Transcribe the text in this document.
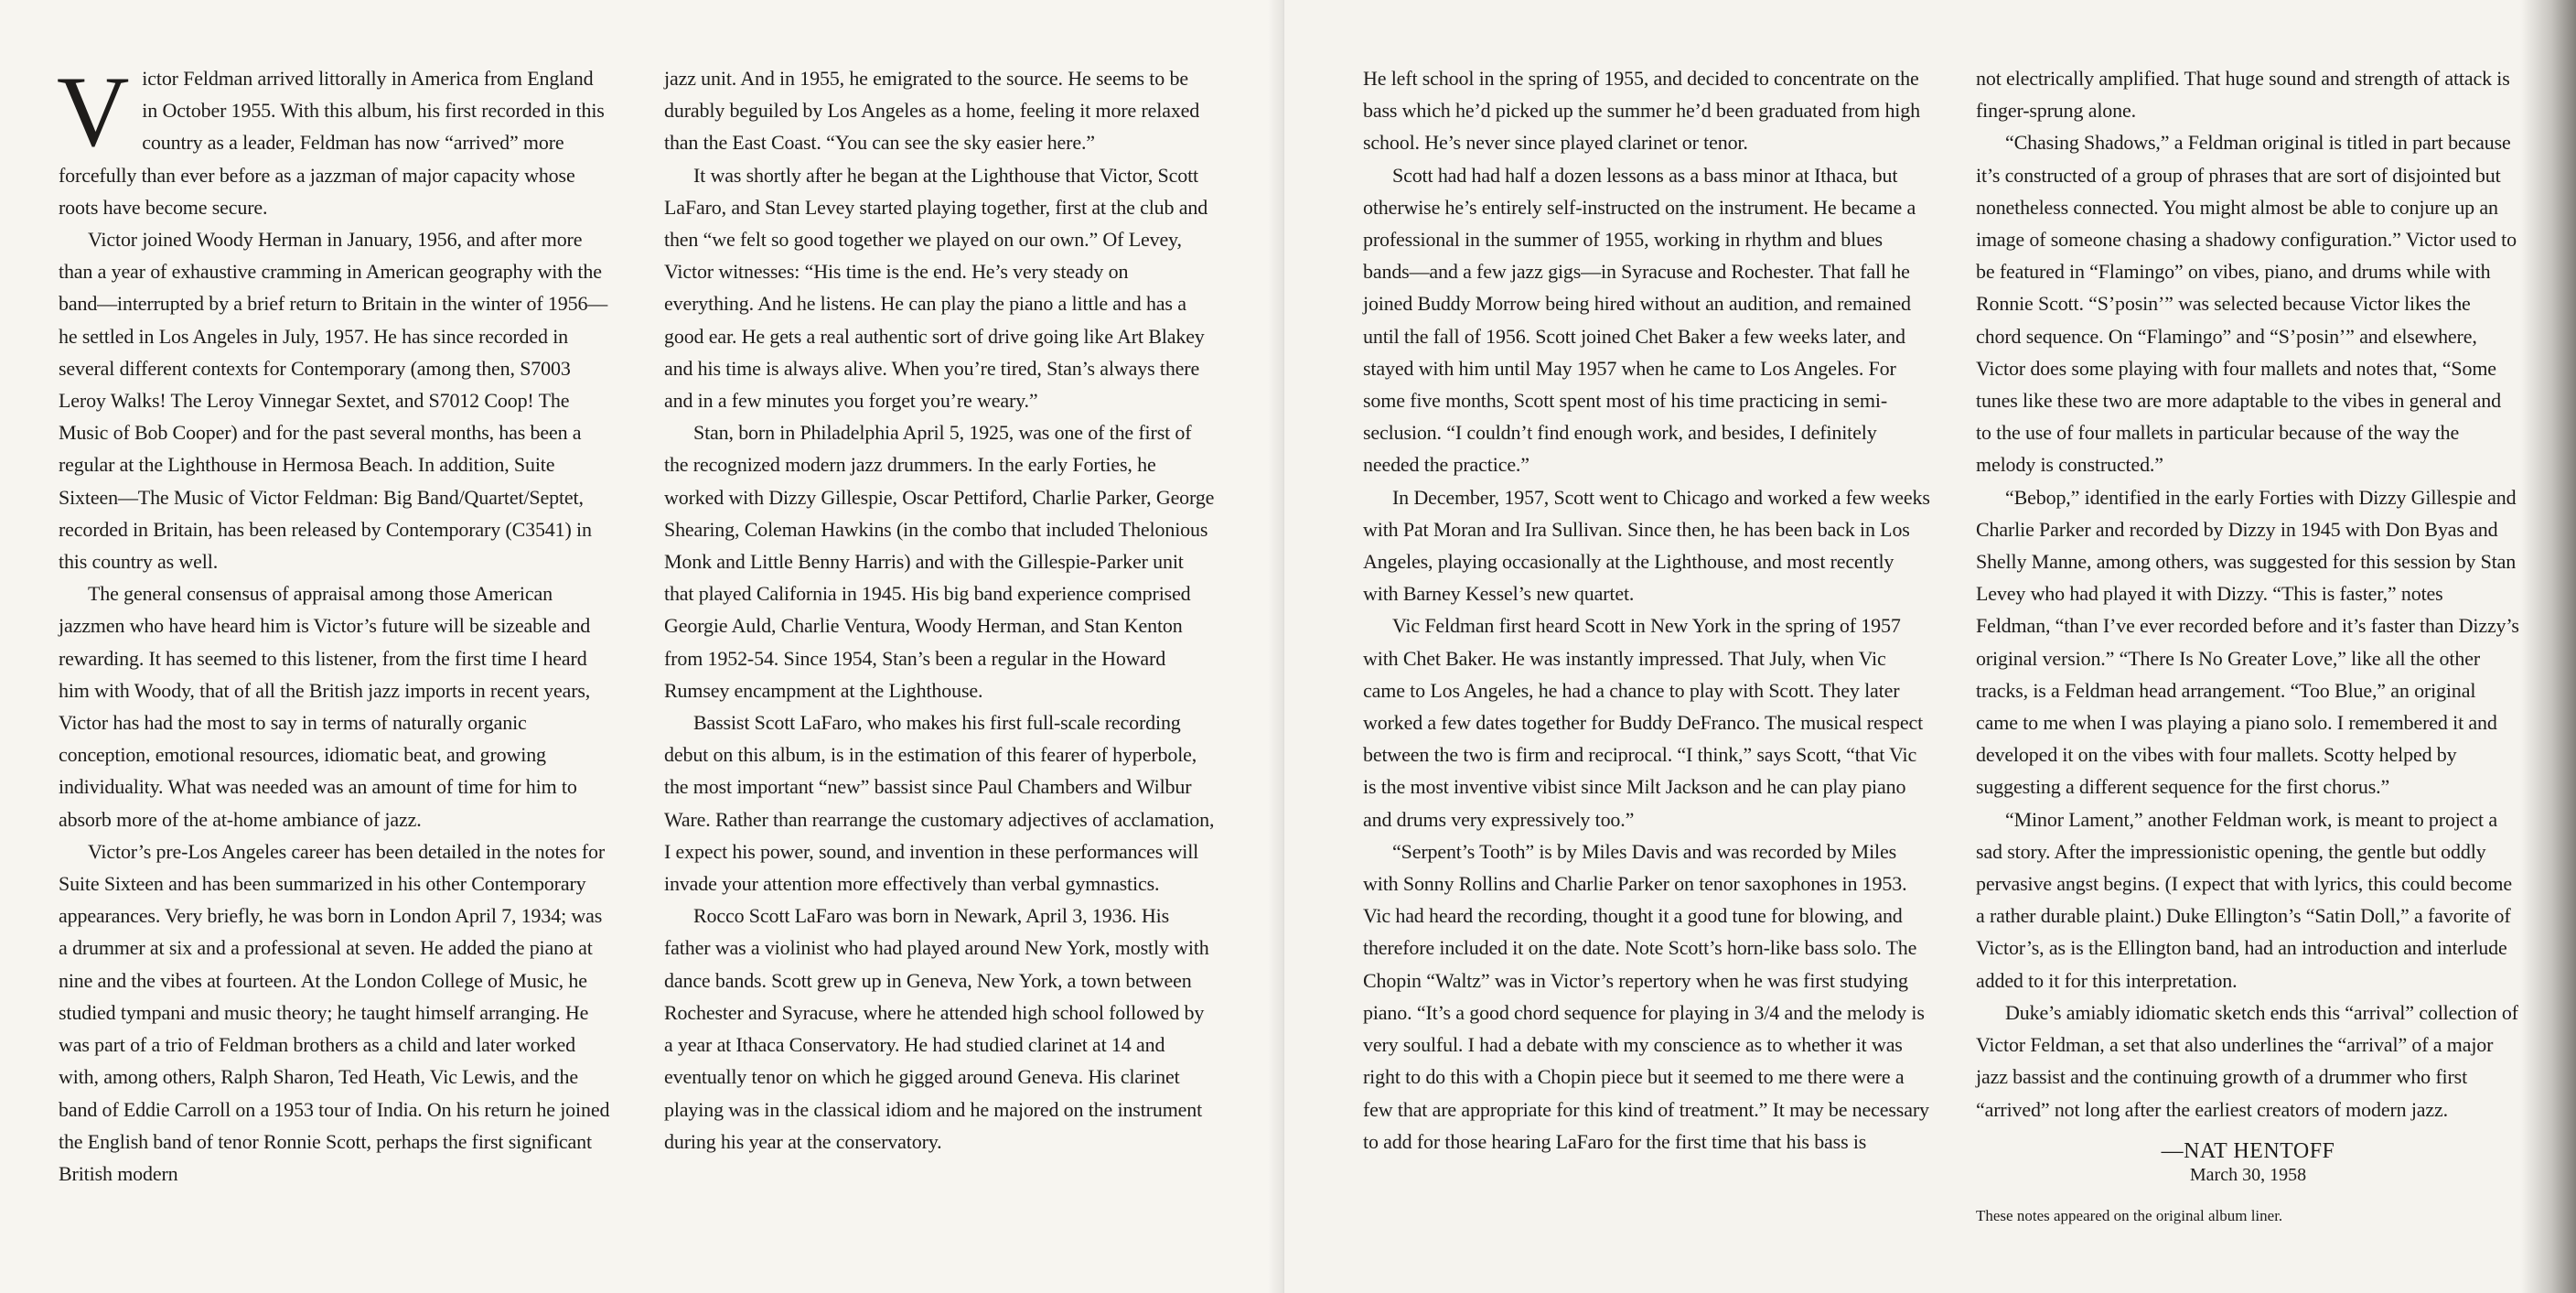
Victor Feldman arrived littorally in America from England in October 1955. With this album, his first recorded in this country as a leader, Feldman has now “arrived” more forcefully than ever before as a jazzman of major capacity whose roots have become secure.

Victor joined Woody Herman in January, 1956, and after more than a year of exhaustive cramming in American geography with the band—interrupted by a brief return to Britain in the winter of 1956—he settled in Los Angeles in July, 1957. He has since recorded in several different contexts for Contemporary (among then, S7003 Leroy Walks! The Leroy Vinnegar Sextet, and S7012 Coop! The Music of Bob Cooper) and for the past several months, has been a regular at the Lighthouse in Hermosa Beach. In addition, Suite Sixteen—The Music of Victor Feldman: Big Band/Quartet/Septet, recorded in Britain, has been released by Contemporary (C3541) in this country as well.

The general consensus of appraisal among those American jazzmen who have heard him is Victor’s future will be sizeable and rewarding. It has seemed to this listener, from the first time I heard him with Woody, that of all the British jazz imports in recent years, Victor has had the most to say in terms of naturally organic conception, emotional resources, idiomatic beat, and growing individuality. What was needed was an amount of time for him to absorb more of the at-home ambiance of jazz.

Victor’s pre-Los Angeles career has been detailed in the notes for Suite Sixteen and has been summarized in his other Contemporary appearances. Very briefly, he was born in London April 7, 1934; was a drummer at six and a professional at seven. He added the piano at nine and the vibes at fourteen. At the London College of Music, he studied tympani and music theory; he taught himself arranging. He was part of a trio of Feldman brothers as a child and later worked with, among others, Ralph Sharon, Ted Heath, Vic Lewis, and the band of Eddie Carroll on a 1953 tour of India. On his return he joined the English band of tenor Ronnie Scott, perhaps the first significant British modern

jazz unit. And in 1955, he emigrated to the source. He seems to be durably beguiled by Los Angeles as a home, feeling it more relaxed than the East Coast. “You can see the sky easier here.”

It was shortly after he began at the Lighthouse that Victor, Scott LaFaro, and Stan Levey started playing together, first at the club and then “we felt so good together we played on our own.” Of Levey, Victor witnesses: “His time is the end. He’s very steady on everything. And he listens. He can play the piano a little and has a good ear. He gets a real authentic sort of drive going like Art Blakey and his time is always alive. When you’re tired, Stan’s always there and in a few minutes you forget you’re weary.”

Stan, born in Philadelphia April 5, 1925, was one of the first of the recognized modern jazz drummers. In the early Forties, he worked with Dizzy Gillespie, Oscar Pettiford, Charlie Parker, George Shearing, Coleman Hawkins (in the combo that included Thelonious Monk and Little Benny Harris) and with the Gillespie-Parker unit that played California in 1945. His big band experience comprised Georgie Auld, Charlie Ventura, Woody Herman, and Stan Kenton from 1952-54. Since 1954, Stan’s been a regular in the Howard Rumsey encampment at the Lighthouse.

Bassist Scott LaFaro, who makes his first full-scale recording debut on this album, is in the estimation of this fearer of hyperbole, the most important “new” bassist since Paul Chambers and Wilbur Ware. Rather than rearrange the customary adjectives of acclamation, I expect his power, sound, and invention in these performances will invade your attention more effectively than verbal gymnastics.

Rocco Scott LaFaro was born in Newark, April 3, 1936. His father was a violinist who had played around New York, mostly with dance bands. Scott grew up in Geneva, New York, a town between Rochester and Syracuse, where he attended high school followed by a year at Ithaca Conservatory. He had studied clarinet at 14 and eventually tenor on which he gigged around Geneva. His clarinet playing was in the classical idiom and he majored on the instrument during his year at the conservatory.

He left school in the spring of 1955, and decided to concentrate on the bass which he’d picked up the summer he’d been graduated from high school. He’s never since played clarinet or tenor.

Scott had had half a dozen lessons as a bass minor at Ithaca, but otherwise he’s entirely self-instructed on the instrument. He became a professional in the summer of 1955, working in rhythm and blues bands—and a few jazz gigs—in Syracuse and Rochester. That fall he joined Buddy Morrow being hired without an audition, and remained until the fall of 1956. Scott joined Chet Baker a few weeks later, and stayed with him until May 1957 when he came to Los Angeles. For some five months, Scott spent most of his time practicing in semi-seclusion. “I couldn’t find enough work, and besides, I definitely needed the practice.”

In December, 1957, Scott went to Chicago and worked a few weeks with Pat Moran and Ira Sullivan. Since then, he has been back in Los Angeles, playing occasionally at the Lighthouse, and most recently with Barney Kessel’s new quartet.

Vic Feldman first heard Scott in New York in the spring of 1957 with Chet Baker. He was instantly impressed. That July, when Vic came to Los Angeles, he had a chance to play with Scott. They later worked a few dates together for Buddy DeFranco. The musical respect between the two is firm and reciprocal. “I think,” says Scott, “that Vic is the most inventive vibist since Milt Jackson and he can play piano and drums very expressively too.”

“Serpent’s Tooth” is by Miles Davis and was recorded by Miles with Sonny Rollins and Charlie Parker on tenor saxophones in 1953. Vic had heard the recording, thought it a good tune for blowing, and therefore included it on the date. Note Scott’s horn-like bass solo. The Chopin “Waltz” was in Victor’s repertory when he was first studying piano. “It’s a good chord sequence for playing in 3/4 and the melody is very soulful. I had a debate with my conscience as to whether it was right to do this with a Chopin piece but it seemed to me there were a few that are appropriate for this kind of treatment.” It may be necessary to add for those hearing LaFaro for the first time that his bass is

not electrically amplified. That huge sound and strength of attack is finger-sprung alone.

“Chasing Shadows,” a Feldman original is titled in part because it’s constructed of a group of phrases that are sort of disjointed but nonetheless connected. You might almost be able to conjure up an image of someone chasing a shadowy configuration.” Victor used to be featured in “Flamingo” on vibes, piano, and drums while with Ronnie Scott. “S’posin’” was selected because Victor likes the chord sequence. On “Flamingo” and “S’posin’” and elsewhere, Victor does some playing with four mallets and notes that, “Some tunes like these two are more adaptable to the vibes in general and to the use of four mallets in particular because of the way the melody is constructed.”

“Bebop,” identified in the early Forties with Dizzy Gillespie and Charlie Parker and recorded by Dizzy in 1945 with Don Byas and Shelly Manne, among others, was suggested for this session by Stan Levey who had played it with Dizzy. “This is faster,” notes Feldman, “than I’ve ever recorded before and it’s faster than Dizzy’s original version.” “There Is No Greater Love,” like all the other tracks, is a Feldman head arrangement. “Too Blue,” an original came to me when I was playing a piano solo. I remembered it and developed it on the vibes with four mallets. Scotty helped by suggesting a different sequence for the first chorus.”

“Minor Lament,” another Feldman work, is meant to project a sad story. After the impressionistic opening, the gentle but oddly pervasive angst begins. (I expect that with lyrics, this could become a rather durable plaint.) Duke Ellington’s “Satin Doll,” a favorite of Victor’s, as is the Ellington band, had an introduction and interlude added to it for this interpretation.

Duke’s amiably idiomatic sketch ends this “arrival” collection of Victor Feldman, a set that also underlines the “arrival” of a major jazz bassist and the continuing growth of a drummer who first “arrived” not long after the earliest creators of modern jazz.

—NAT HENTOFF
March 30, 1958
These notes appeared on the original album liner.
